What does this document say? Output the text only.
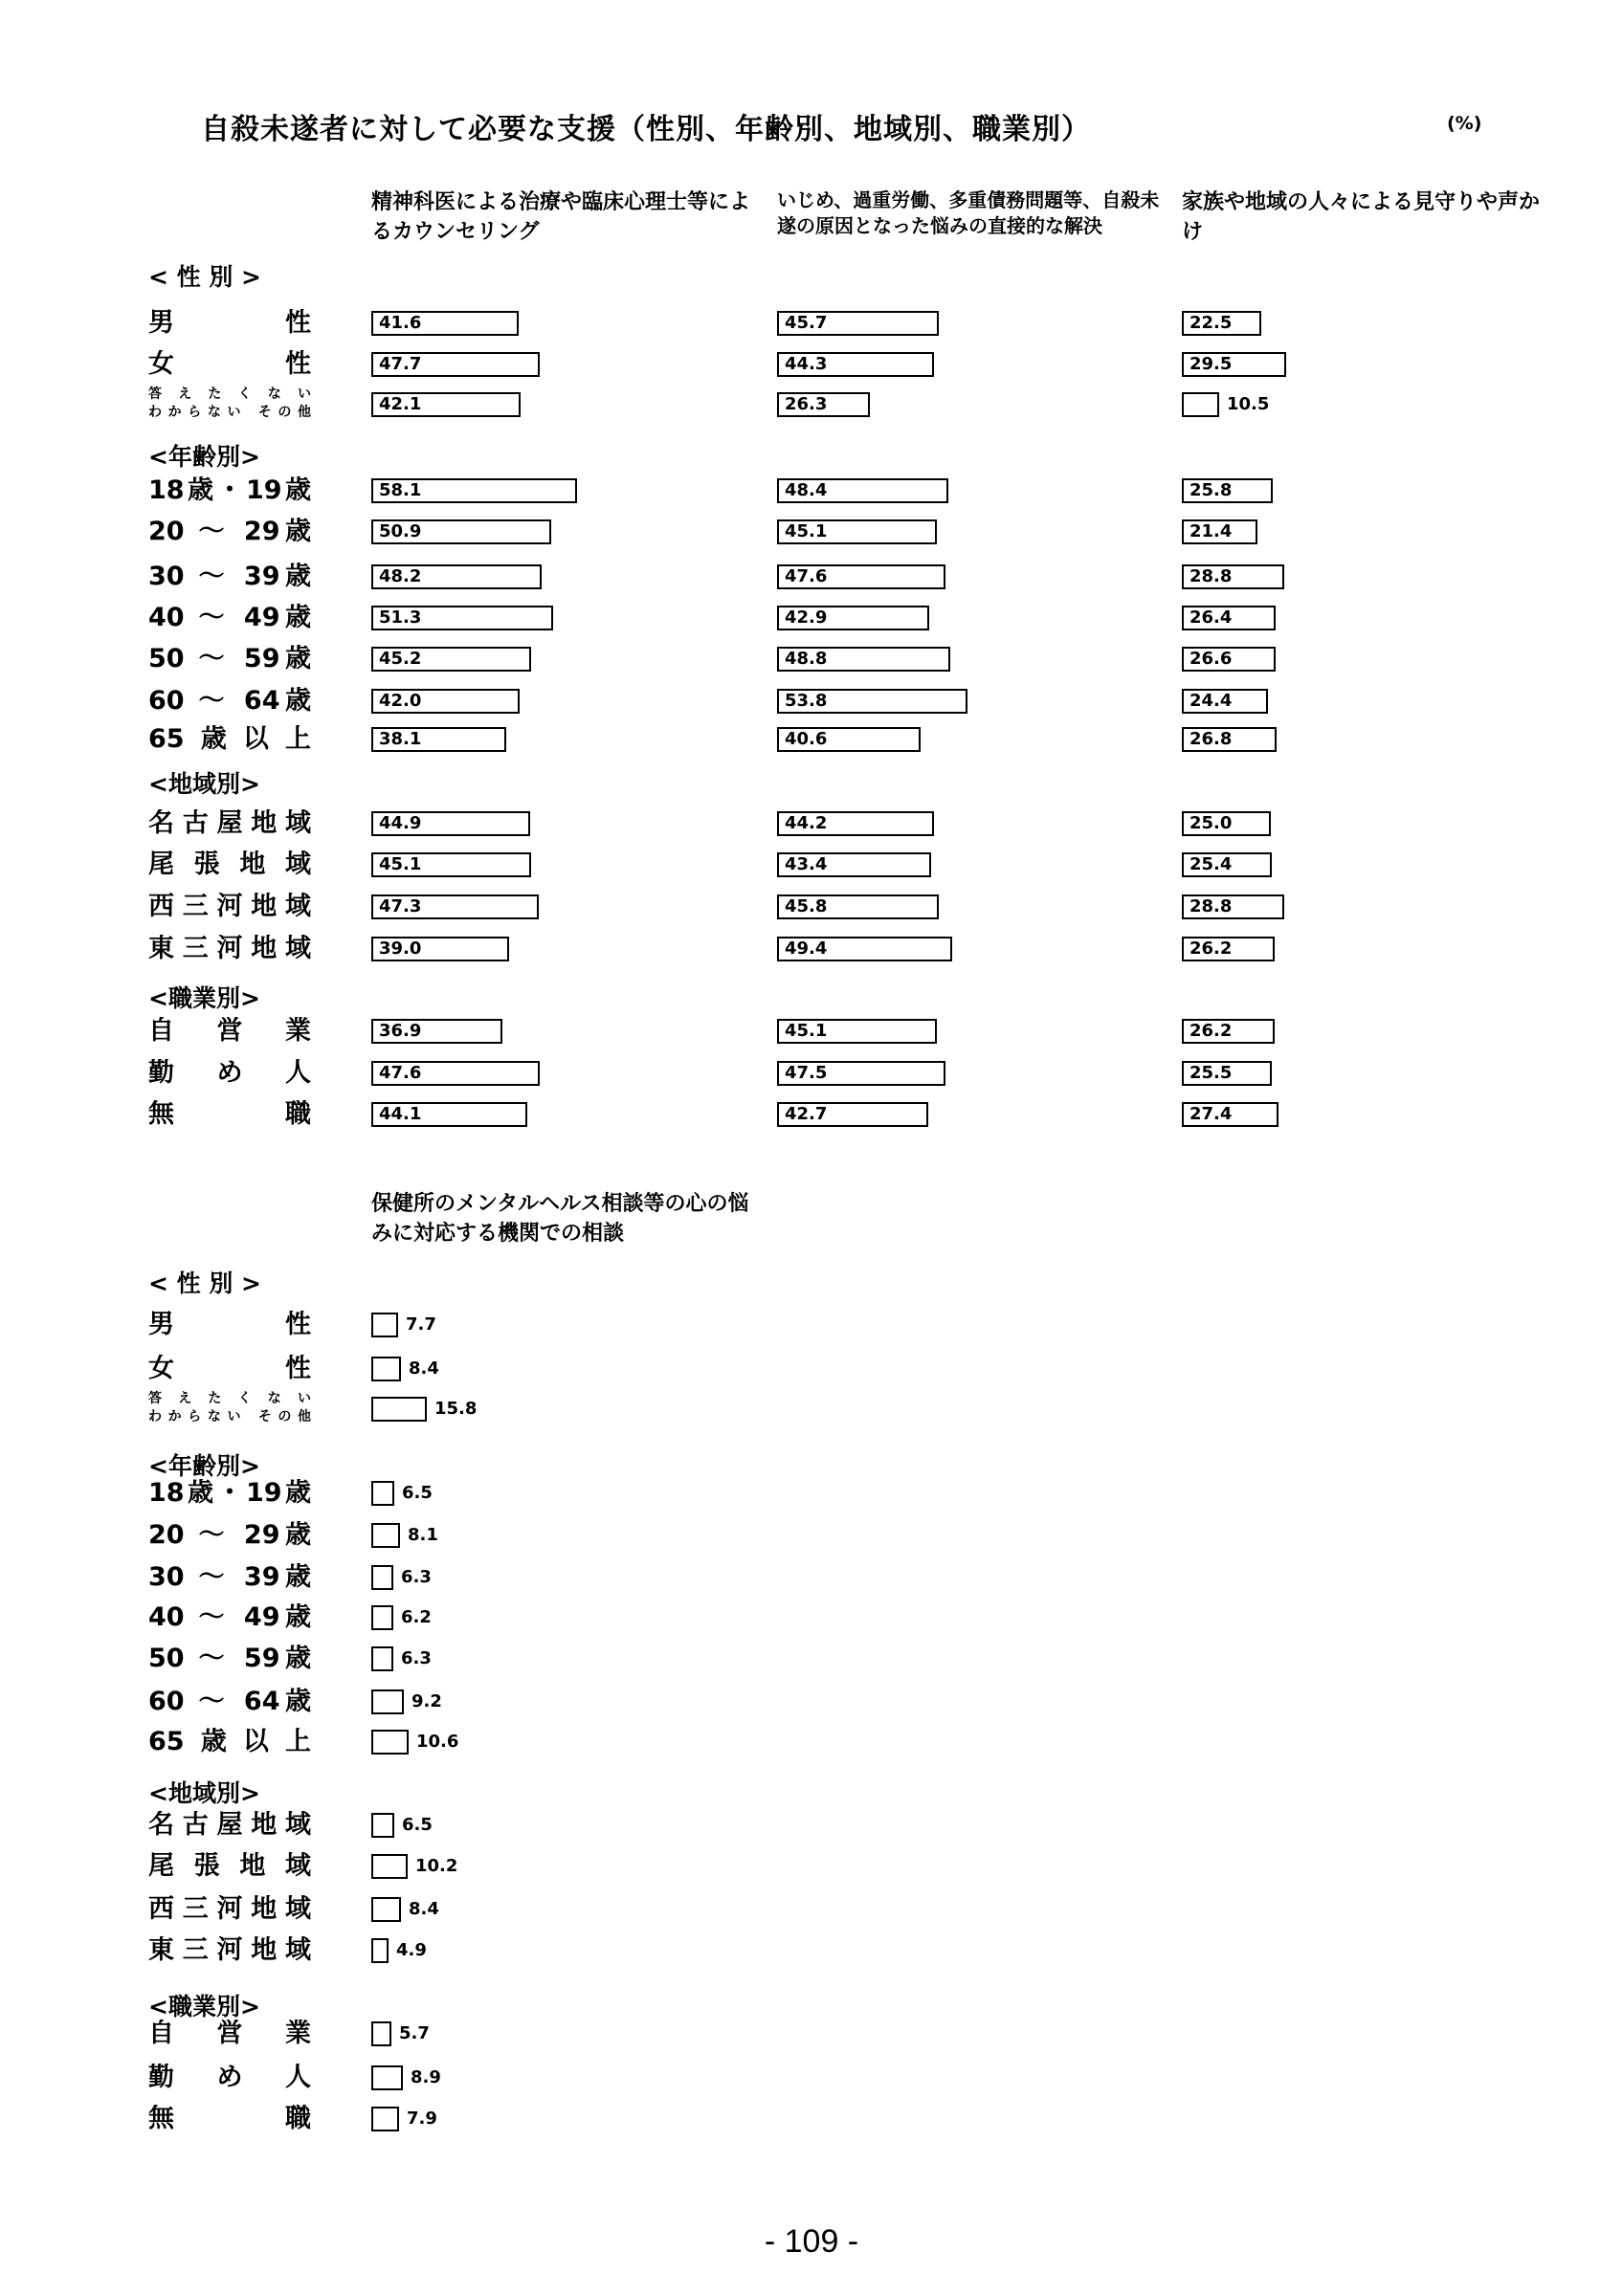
自殺未遂者に対して必要な支援（性別、年齢別、地域別、職業別）	(%)
精神科医による治療や臨床心理士等によるカウンセリング
いじめ、過重労働、多重債務問題等、自殺未遂の原因となった悩みの直接的な解決
家族や地域の人々による見守りや声かけ
保健所のメンタルヘルス相談等の心の悩みに対応する機関での相談
< 性 別 >
<年齢別>
<地域別>
<職業別>
男　　性	41.6	45.7	22.5
女　　性	47.7	44.3	29.5
答えたくない
わからない その他	42.1	26.3	10.5
18歳・19歳	58.1	48.4	25.8
20 ～ 29歳	50.9	45.1	21.4
30 ～ 39歳	48.2	47.6	28.8
40 ～ 49歳	51.3	42.9	26.4
50 ～ 59歳	45.2	48.8	26.6
60 ～ 64歳	42.0	53.8	24.4
65歳以上	38.1	40.6	26.8
名古屋地域	44.9	44.2	25.0
尾張地域	45.1	43.4	25.4
西三河地域	47.3	45.8	28.8
東三河地域	39.0	49.4	26.2
自　営　業	36.9	45.1	26.2
勤　め　人	47.6	47.5	25.5
無　　職	44.1	42.7	27.4
< 性 別 >
<年齢別>
<地域別>
<職業別>
男　　性	7.7
女　　性	8.4
答えたくない
わからない その他	15.8
18歳・19歳	6.5
20 ～ 29歳	8.1
30 ～ 39歳	6.3
40 ～ 49歳	6.2
50 ～ 59歳	6.3
60 ～ 64歳	9.2
65歳以上	10.6
名古屋地域	6.5
尾張地域	10.2
西三河地域	8.4
東三河地域	4.9
自　営　業	5.7
勤　め　人	8.9
無　　職	7.9
- 109 -
